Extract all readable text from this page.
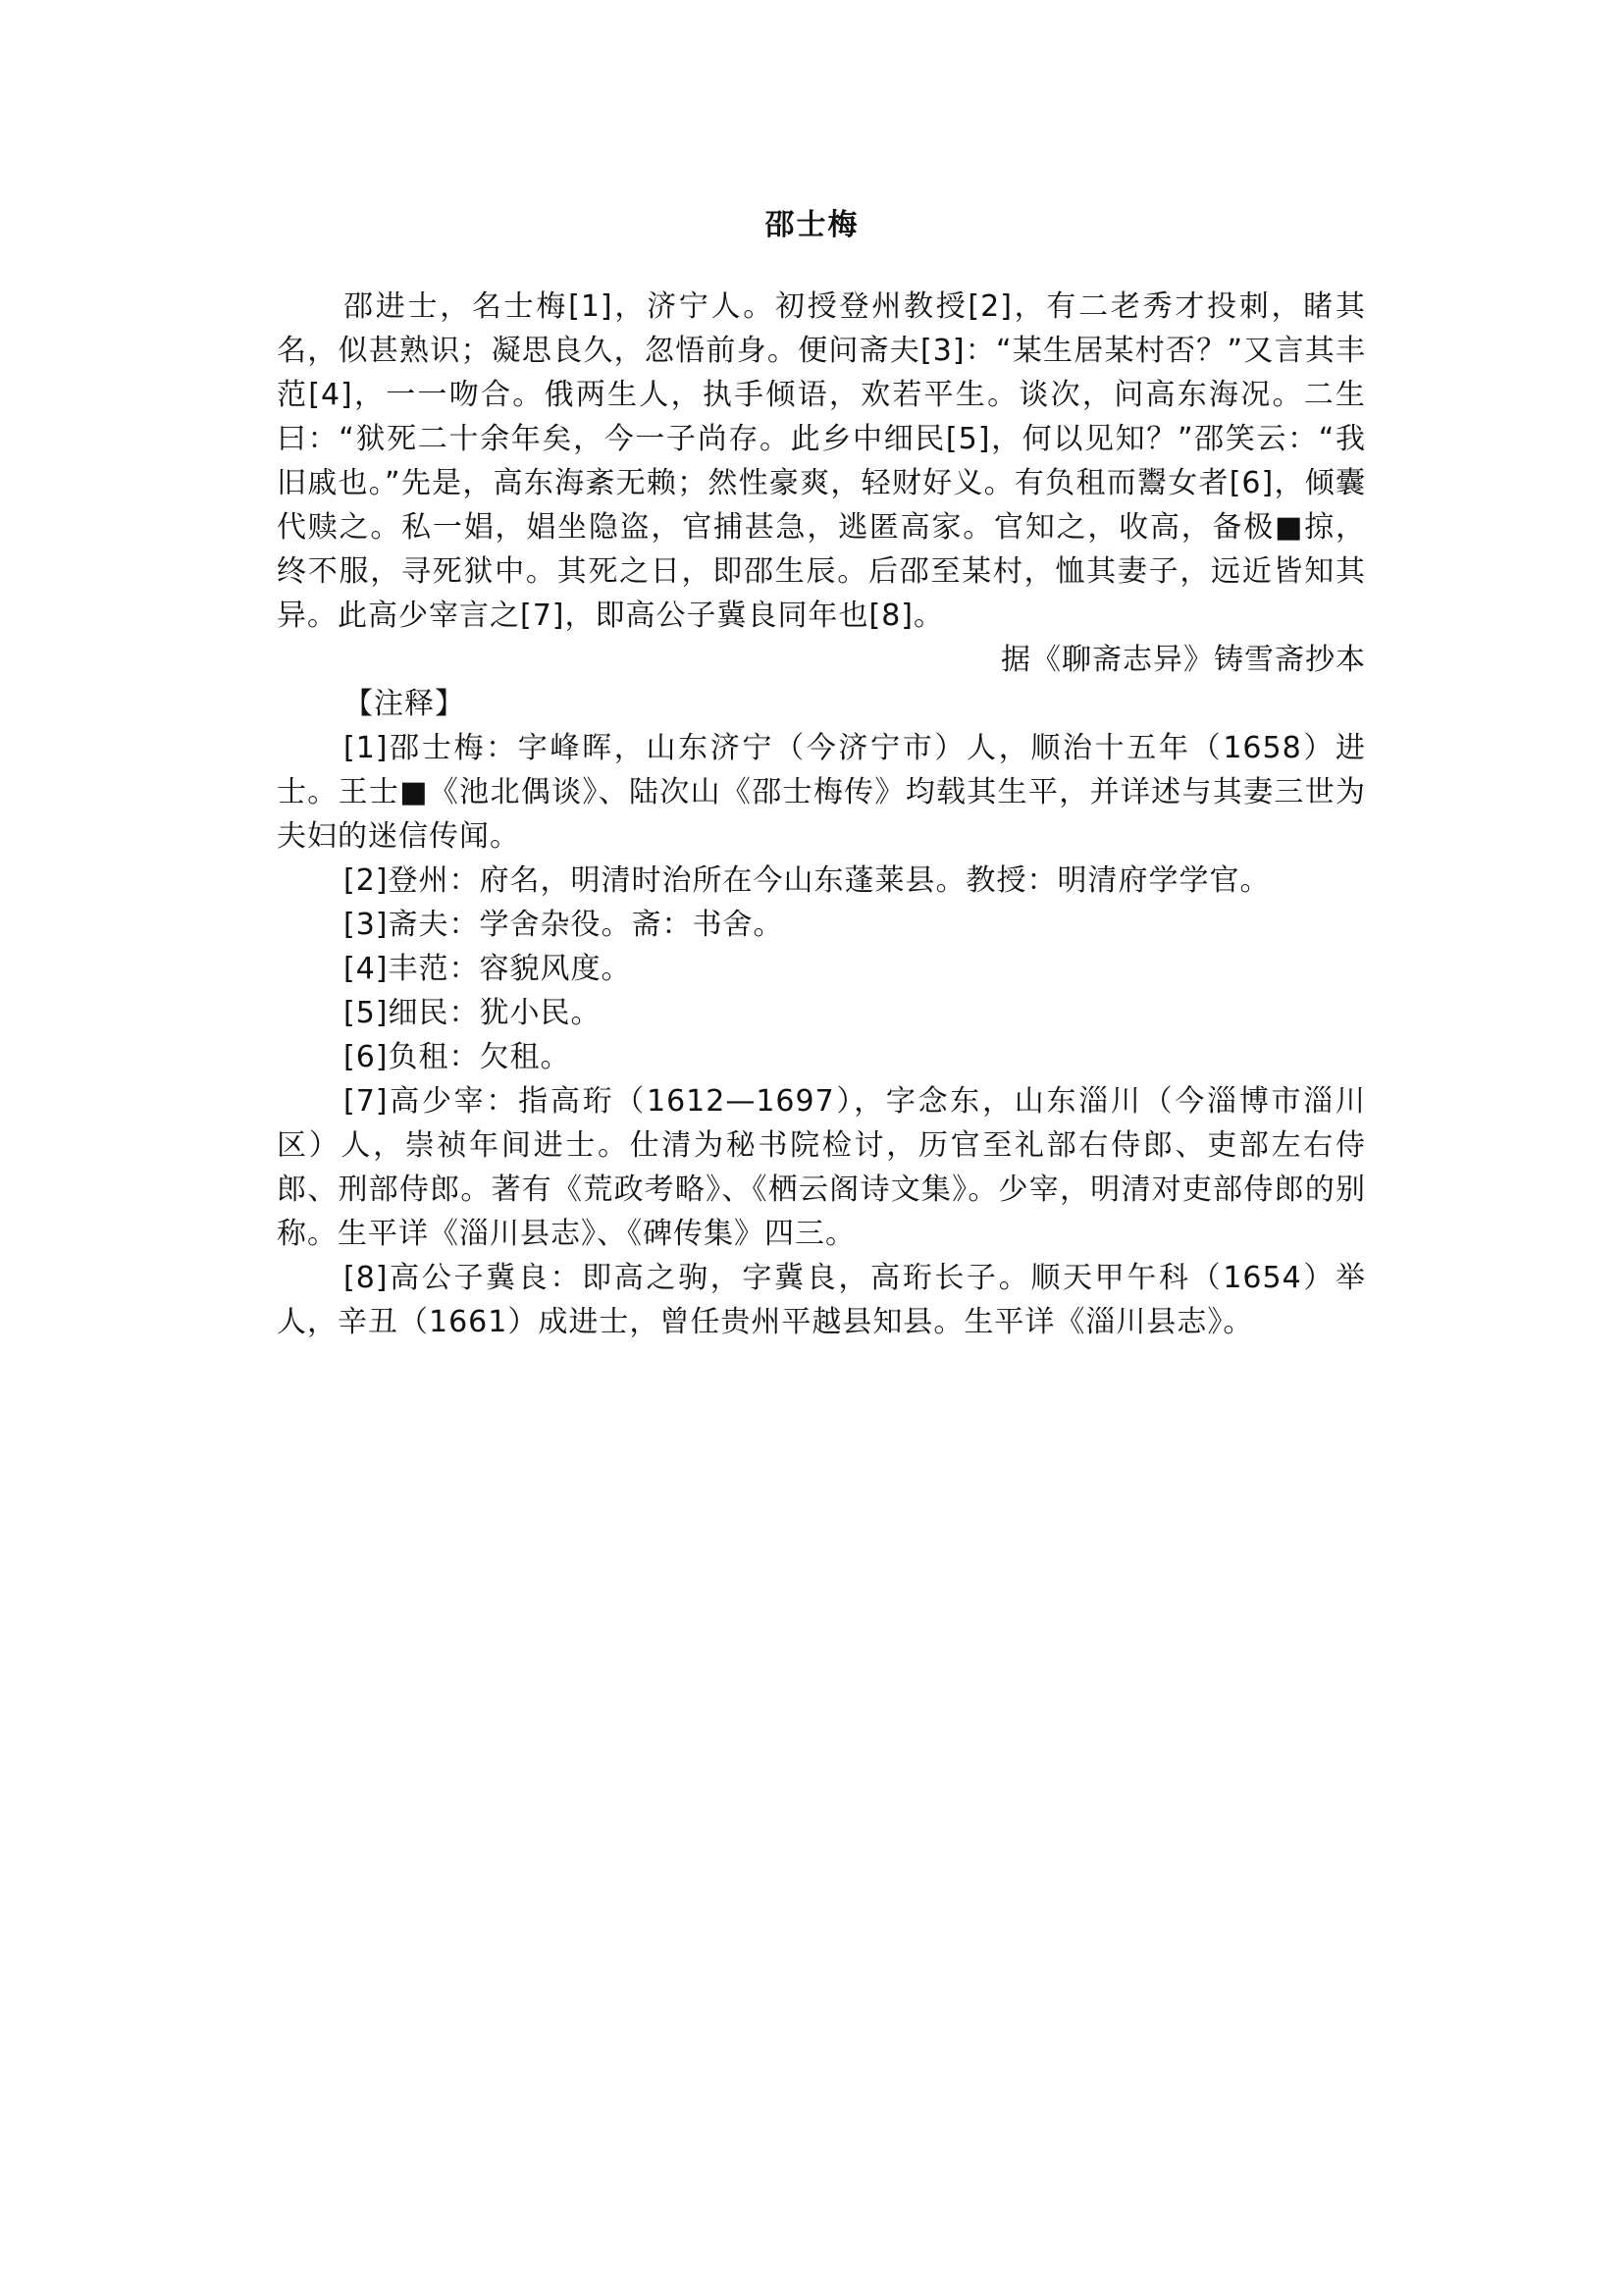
邵士梅

邵进士，名士梅[1]，济宁人。初授登州教授[2]，有二老秀才投刺，睹其名，似甚熟识；凝思良久，忽悟前身。便问斋夫[3]：“某生居某村否？”又言其丰范[4]，一一吻合。俄两生人，执手倾语，欢若平生。谈次，问高东海况。二生曰：“狱死二十余年矣，今一子尚存。此乡中细民[5]，何以见知？”邵笑云：“我旧戚也。”先是，高东海紊无赖；然性豪爽，轻财好义。有负租而鬻女者[6]，倾囊代赎之。私一娼，娼坐隐盗，官捕甚急，逃匿高家。官知之，收高，备极■掠，终不服，寻死狱中。其死之日，即邵生辰。后邵至某村，恤其妻子，远近皆知其异。此高少宰言之[7]，即高公子冀良同年也[8]。

据《聊斋志异》铸雪斋抄本

【注释】

[1]邵士梅：字峰晖，山东济宁（今济宁市）人，顺治十五年（1658）进士。王士■《池北偶谈》、陆次山《邵士梅传》均载其生平，并详述与其妻三世为夫妇的迷信传闻。

[2]登州：府名，明清时治所在今山东蓬莱县。教授：明清府学学官。

[3]斋夫：学舍杂役。斋：书舍。

[4]丰范：容貌风度。

[5]细民：犹小民。

[6]负租：欠租。

[7]高少宰：指高珩（1612—1697），字念东，山东淄川（今淄博市淄川区）人，崇祯年间进士。仕清为秘书院检讨，历官至礼部右侍郎、吏部左右侍郎、刑部侍郎。著有《荒政考略》、《栖云阁诗文集》。少宰，明清对吏部侍郎的别称。生平详《淄川县志》、《碑传集》四三。

[8]高公子冀良：即高之驹，字冀良，高珩长子。顺天甲午科（1654）举人，辛丑（1661）成进士，曾任贵州平越县知县。生平详《淄川县志》。
